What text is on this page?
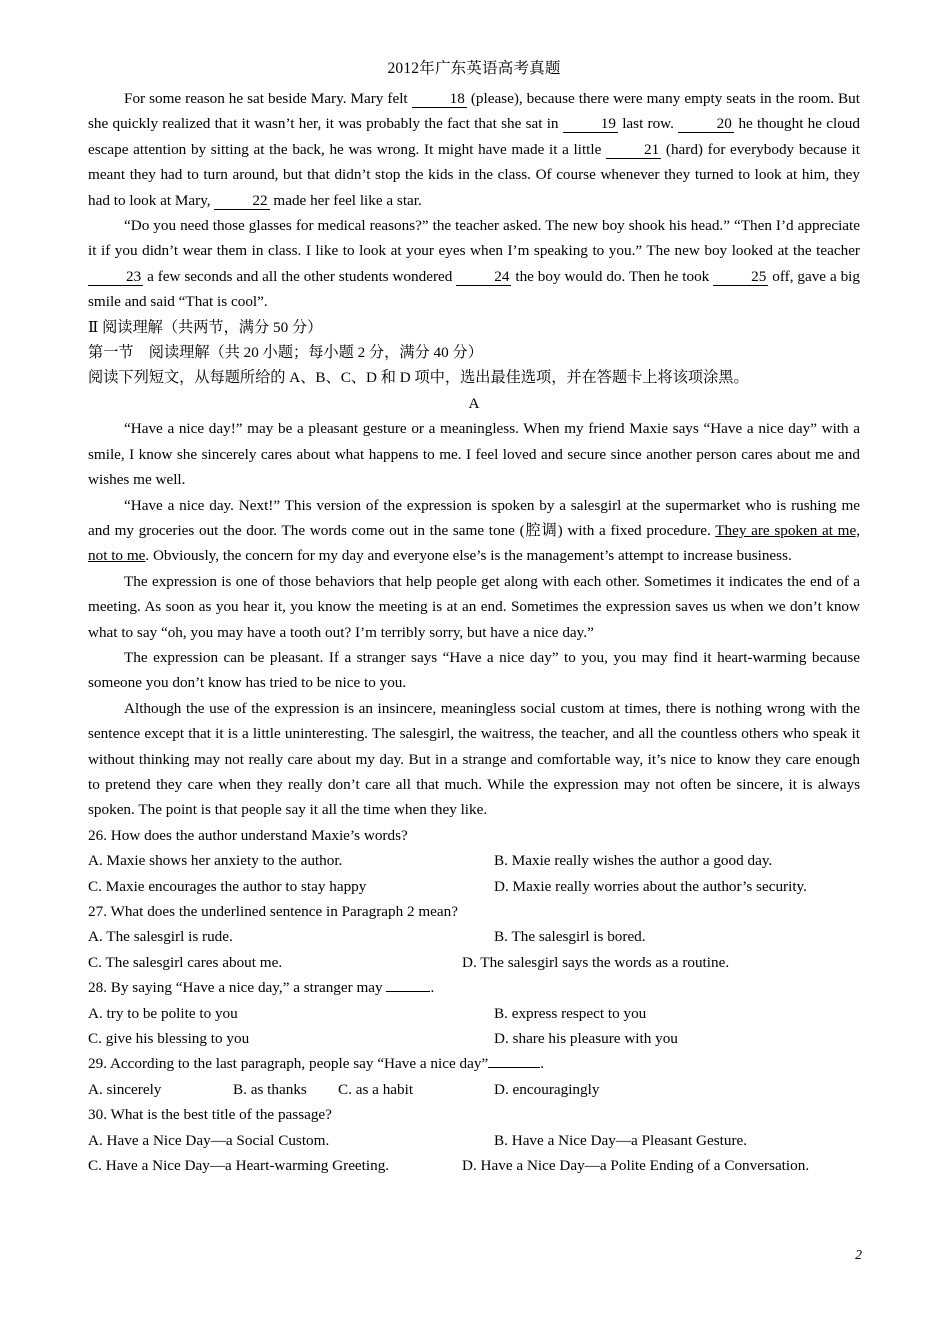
2012年广东英语高考真题

For some reason he sat beside Mary. Mary felt	18 (please), because there were many empty seats in the room. But she quickly realized that it wasn’t her, it was probably the fact that she sat in	19 last row.	20 he thought he cloud escape attention by sitting at the back, he was wrong. It might have made it a little	21 (hard) for everybody because it meant they had to turn around, but that didn’t stop the kids in the class. Of course whenever they turned to look at him, they had to look at Mary,	22 made her feel like a star.

“Do you need those glasses for medical reasons?” the teacher asked. The new boy shook his head.” “Then I’d appreciate it if you didn’t wear them in class. I like to look at your eyes when I’m speaking to you.” The new boy looked at the teacher 23 a few seconds and all the other students wondered	24 the boy would do. Then he took	25 off, gave a big smile and said “That is cool”.

Ⅱ 阅读理解（共两节，满分 50 分）

第一节　阅读理解（共 20 小题；每小题 2 分，满分 40 分）

阅读下列短文，从每题所给的 A、B、C、D 和 D 项中，选出最佳选项，并在答题卡上将该项涂黑。

A

“Have a nice day!” may be a pleasant gesture or a meaningless. When my friend Maxie says “Have a nice day” with a smile, I know she sincerely cares about what happens to me. I feel loved and secure since another person cares about me and wishes me well.

“Have a nice day. Next!” This version of the expression is spoken by a salesgirl at the supermarket who is rushing me and my groceries out the door. The words come out in the same tone (腔调) with a fixed procedure. They are spoken at me, not to me. Obviously, the concern for my day and everyone else’s is the management’s attempt to increase business.

The expression is one of those behaviors that help people get along with each other. Sometimes it indicates the end of a meeting. As soon as you hear it, you know the meeting is at an end. Sometimes the expression saves us when we don’t know what to say “oh, you may have a tooth out? I’m terribly sorry, but have a nice day.”

The expression can be pleasant. If a stranger says “Have a nice day” to you, you may find it heart-warming because someone you don’t know has tried to be nice to you.

Although the use of the expression is an insincere, meaningless social custom at times, there is nothing wrong with the sentence except that it is a little uninteresting. The salesgirl, the waitress, the teacher, and all the countless others who speak it without thinking may not really care about my day. But in a strange and comfortable way, it’s nice to know they care enough to pretend they care when they really don’t care all that much. While the expression may not often be sincere, it is always spoken. The point is that people say it all the time when they like.

26. How does the author understand Maxie’s words?

A. Maxie shows her anxiety to the author.	B. Maxie really wishes the author a good day.
C. Maxie encourages the author to stay happy	D. Maxie really worries about the author’s security.

27. What does the underlined sentence in Paragraph 2 mean?

A. The salesgirl is rude.	B. The salesgirl is bored.
C. The salesgirl cares about me.	D. The salesgirl says the words as a routine.

28. By saying “Have a nice day,” a stranger may	.

A. try to be polite to you	B. express respect to you
C. give his blessing to you	D. share his pleasure with you

29. According to the last paragraph, people say “Have a nice day”	.

A. sincerely	B. as thanks C. as a habit	D. encouragingly

30. What is the best title of the passage?

A. Have a Nice Day—a Social Custom.	B. Have a Nice Day—a Pleasant Gesture.
C. Have a Nice Day—a Heart-warming Greeting.	D. Have a Nice Day—a Polite Ending of a Conversation.
2
